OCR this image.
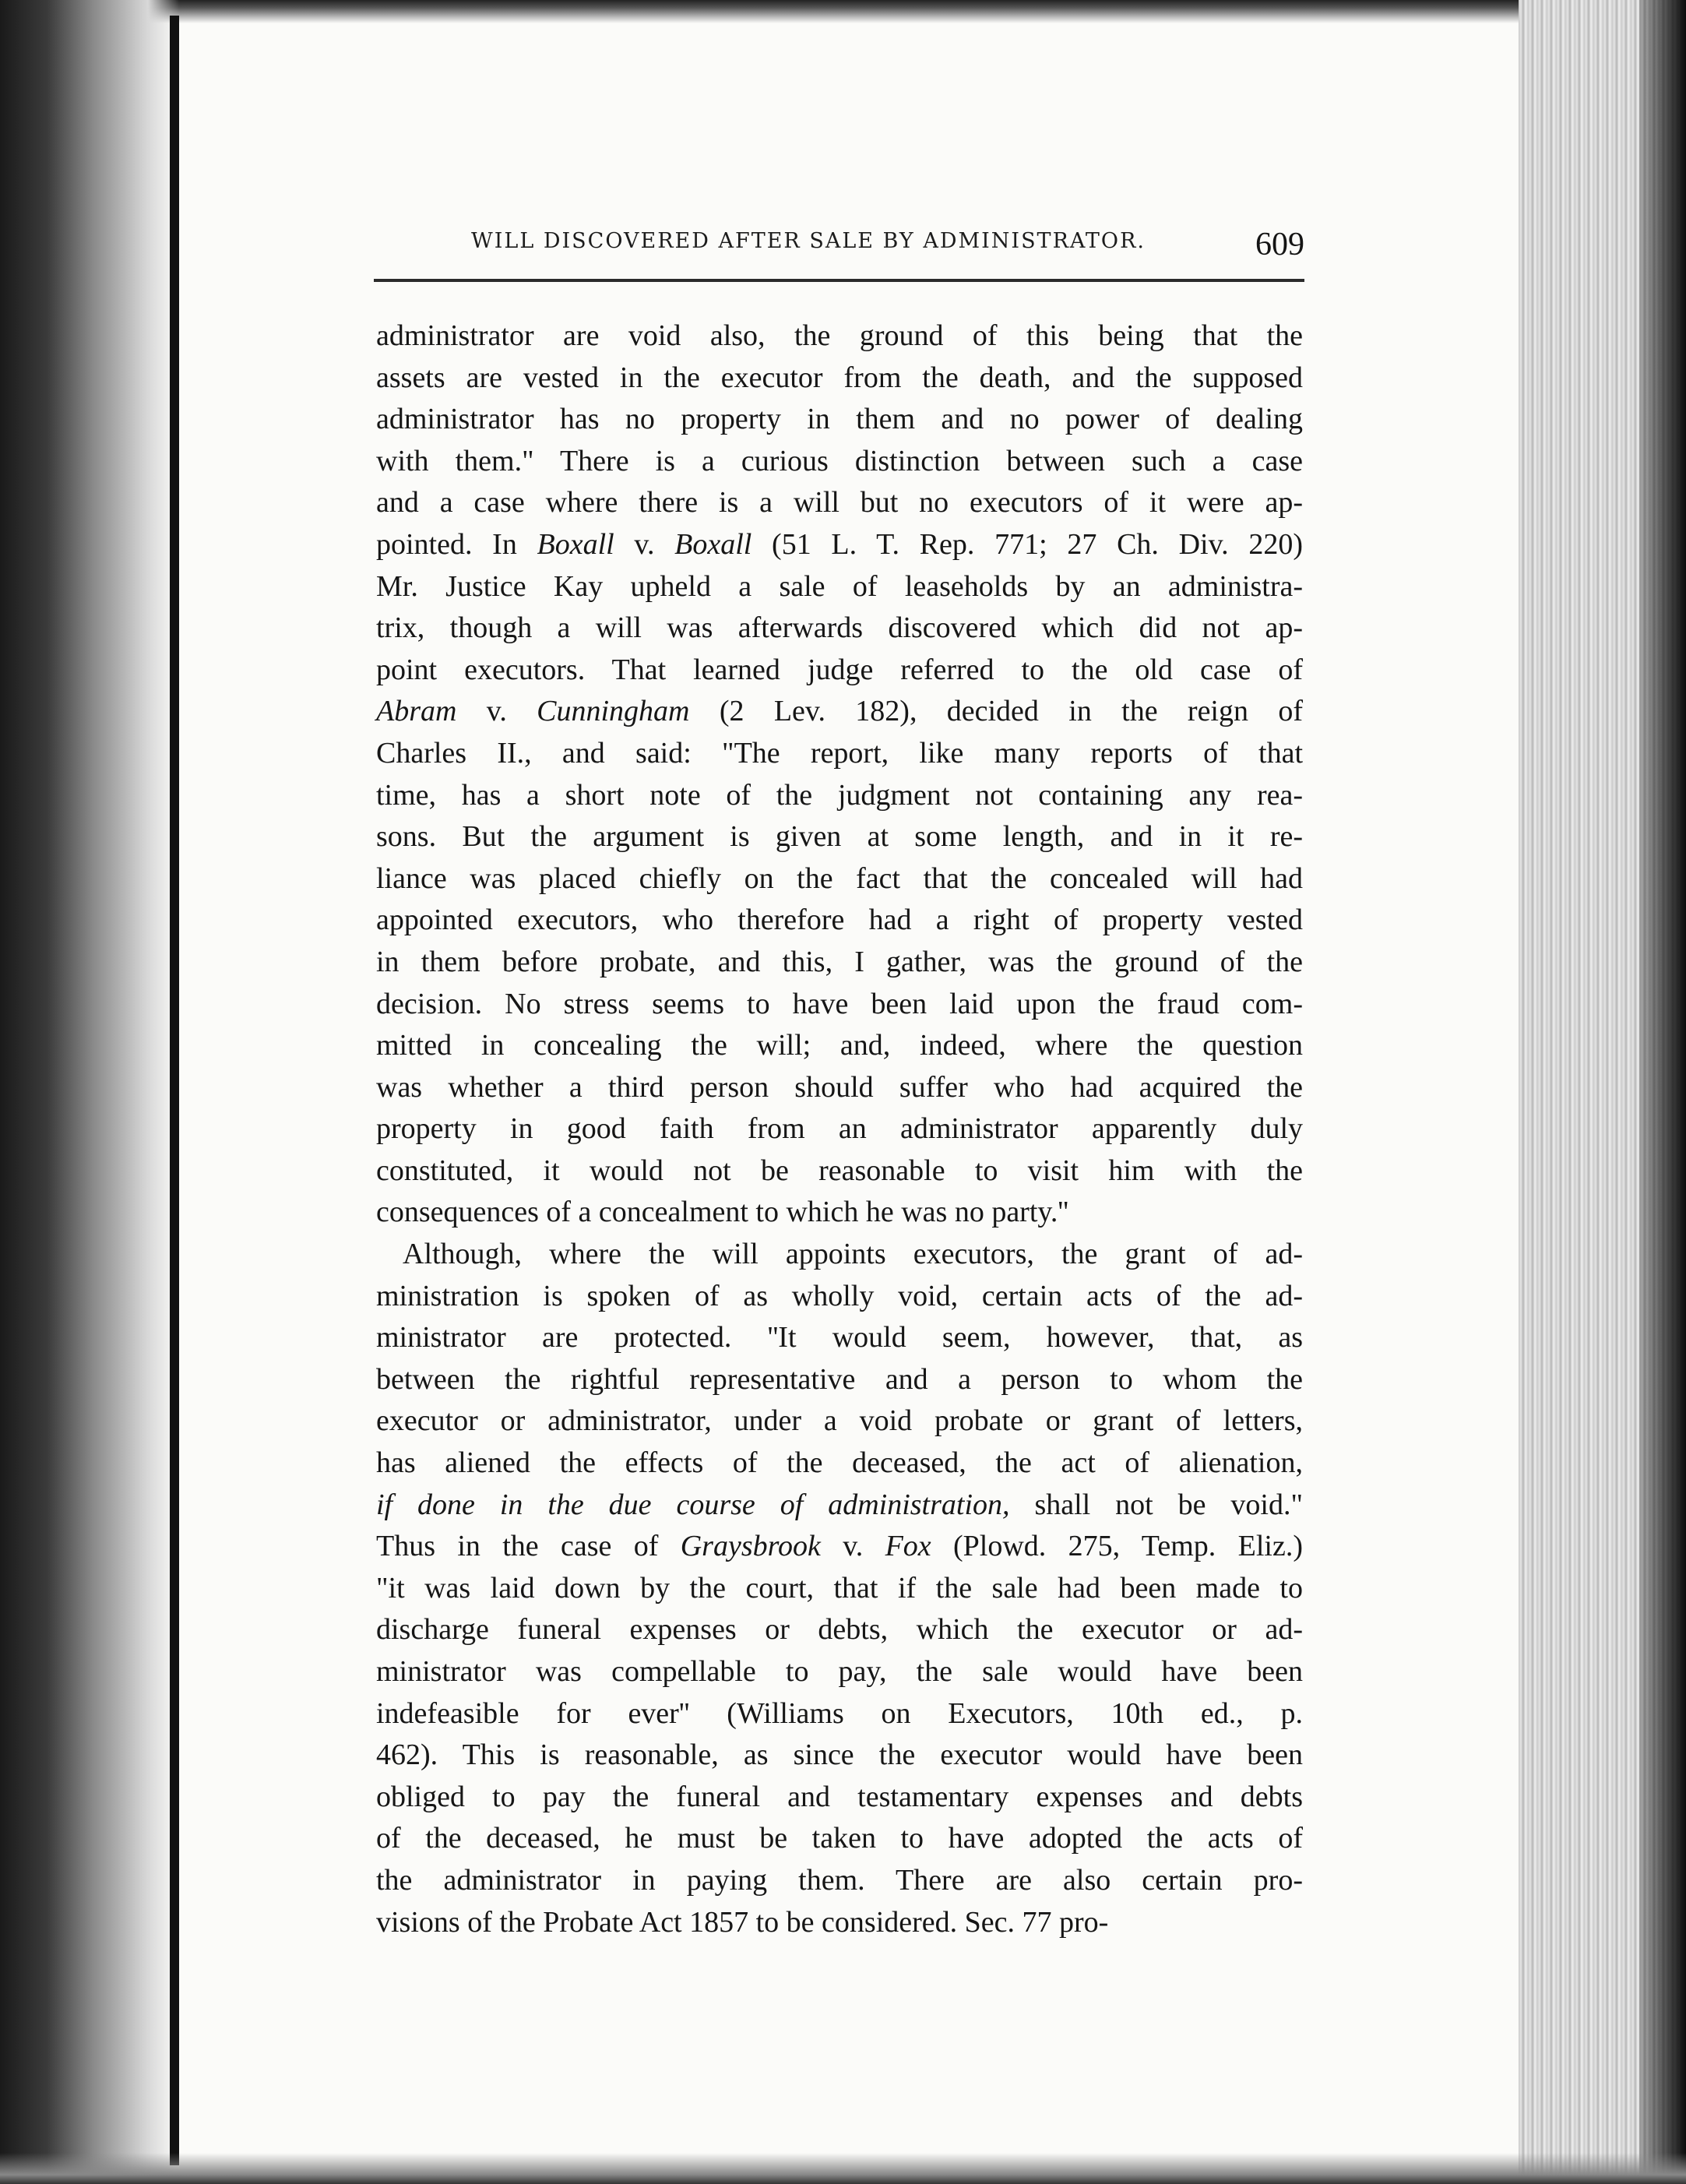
WILL DISCOVERED AFTER SALE BY ADMINISTRATOR.	609

administrator are void also, the ground of this being that the

assets are vested in the executor from the death, and the supposed

administrator has no property in them and no power of dealing

with them." There is a curious distinction between such a case

and a case where there is a will but no executors of it were ap-

pointed. In Boxall v. Boxall (51 L. T. Rep. 771; 27 Ch. Div. 220)

Mr. Justice Kay upheld a sale of leaseholds by an administra-

trix, though a will was afterwards discovered which did not ap-

point executors. That learned judge referred to the old case of

Abram v. Cunningham (2 Lev. 182), decided in the reign of

Charles II., and said: "The report, like many reports of that

time, has a short note of the judgment not containing any rea-

sons. But the argument is given at some length, and in it re-

liance was placed chiefly on the fact that the concealed will had

appointed executors, who therefore had a right of property vested

in them before probate, and this, I gather, was the ground of the

decision. No stress seems to have been laid upon the fraud com-

mitted in concealing the will; and, indeed, where the question

was whether a third person should suffer who had acquired the

property in good faith from an administrator apparently duly

constituted, it would not be reasonable to visit him with the

consequences of a concealment to which he was no party.''

Although, where the will appoints executors, the grant of ad-

ministration is spoken of as wholly void, certain acts of the ad-

ministrator are protected. ''It would seem, however, that, as

between the rightful representative and a person to whom the

executor or administrator, under a void probate or grant of letters,

has aliened the effects of the deceased, the act of alienation,

if done in the due course of administration, shall not be void."

Thus in the case of Graysbrook v. Fox (Plowd. 275, Temp. Eliz.)

"it was laid down by the court, that if the sale had been made to

discharge funeral expenses or debts, which the executor or ad-

ministrator was compellable to pay, the sale would have been

indefeasible for ever'' (Williams on Executors, 10th ed., p.

462). This is reasonable, as since the executor would have been

obliged to pay the funeral and testamentary expenses and debts

of the deceased, he must be taken to have adopted the acts of

the administrator in paying them. There are also certain pro-

visions of the Probate Act 1857 to be considered. Sec. 77 pro-
